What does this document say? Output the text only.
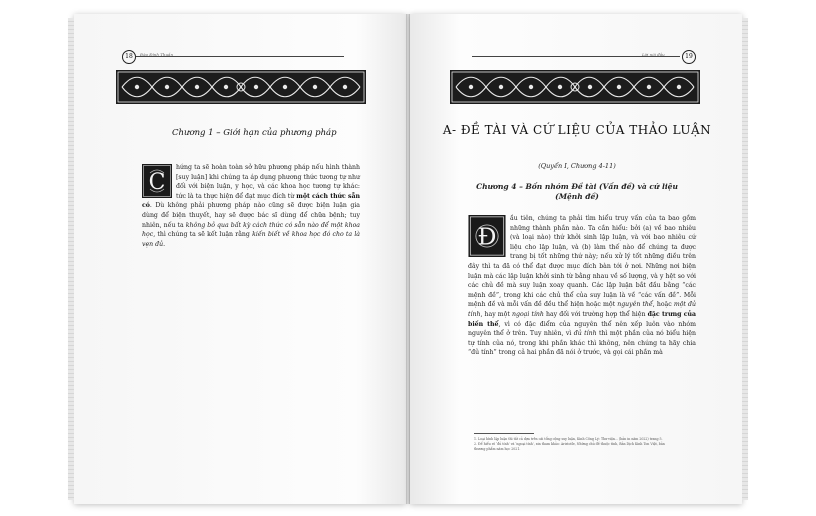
18	Đào Đình Thuần
Chương 1 – Giới hạn của phương pháp
C
hứng ta sẽ hoàn toàn sở hữu phương pháp nếu hình thành [suy luận] khi chúng ta áp dụng phương thức tương tự như đối với biện luận, y học, và các khoa học tương tự khác: tức là ta thực hiện để đạt mục đích từ một cách thức sẵn có. Dù không phải phương pháp nào cũng sẽ được biện luận gia dùng để biện thuyết, hay sẽ được bác sĩ dùng để chữa bệnh; tuy nhiên, nếu ta không bỏ qua bất kỳ cách thức có sẵn nào để một khoa học, thì chúng ta sẽ kết luận rằng kiến biết về khoa học đó cho ta là vẹn đủ.
Lời nói đầu	19
A- ĐỀ TÀI VÀ CỨ LIỆU CỦA THẢO LUẬN
(Quyển I, Chương 4-11)
Chương 4 – Bốn nhóm Đề tài (Vấn đề) và cứ liệu (Mệnh đề)
Đ
ầu tiên, chúng ta phải tìm hiểu truy vấn của ta bao gồm những thành phần nào. Ta cần hiểu: bởi (a) về bao nhiêu (và loại nào) thứ khởi sinh lập luận, và với bao nhiêu cứ liệu cho lập luận, và (b) làm thế nào để chúng ta được trang bị tốt những thứ này; nếu xử lý tốt những điều trên đây thì ta đã có thể đạt được mục đích bàn tới ở nơi. Những nơi biện luận mà các lập luận khởi sinh từ bằng nhau về số lượng, và y hệt so với các chủ đề mà suy luận xoay quanh. Các lập luận bắt đầu bằng “các mệnh đề”, trong khi các chủ thể của suy luận là về “các vấn đề”. Mỗi mệnh đề và mỗi vấn đề đều thể hiện hoặc một nguyên thể, hoặc một đủ tính, hay một ngoại tính hay đối với trường hợp thể hiện đặc trưng của biến thể, vì có đặc điểm của nguyên thể nên xếp luôn vào nhóm nguyên thể ở trên. Tuy nhiên, vì đủ tính thì một phần của nó biểu hiện tự tính của nó, trong khi phần khác thì không, nên chúng ta hãy chia “đủ tính” trong cả hai phần đã nói ở trước, và gọi cái phần mà
1. Loại hình lập luận thì tất cả dựa trên cái tổng cộng suy luận, Kinh Công Lý: Thư viện... (bản in năm 2022) trang 5.
2. Để hiểu rõ ‘đủ tính’ và ‘ngoại tính’, xin tham khảo: Aristotle, Những chủ đề thuộc tính, Bản Dịch Kinh Ton Việt, bản thương phẩm năm học 2021.
